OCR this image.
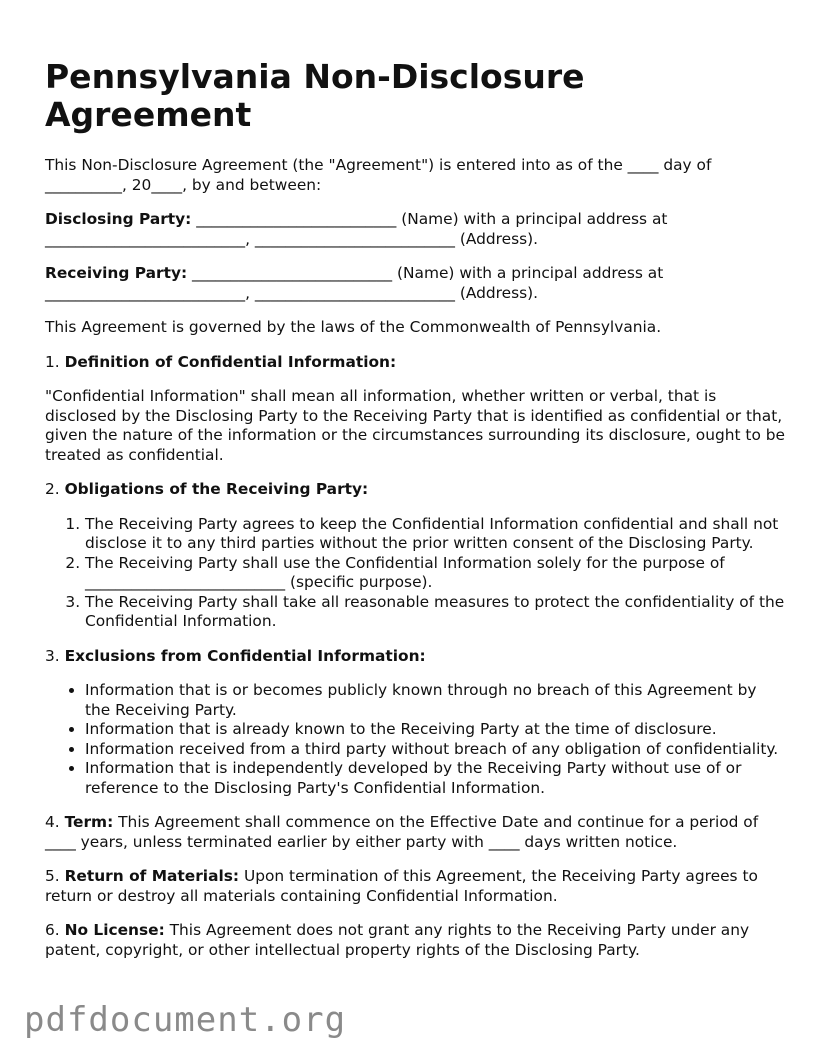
Pennsylvania Non-Disclosure Agreement

This Non-Disclosure Agreement (the "Agreement") is entered into as of the ____ day of __________, 20____, by and between:

Disclosing Party: __________________________ (Name) with a principal address at __________________________, __________________________ (Address).

Receiving Party: __________________________ (Name) with a principal address at __________________________, __________________________ (Address).

This Agreement is governed by the laws of the Commonwealth of Pennsylvania.

1. Definition of Confidential Information:

"Confidential Information" shall mean all information, whether written or verbal, that is disclosed by the Disclosing Party to the Receiving Party that is identified as confidential or that, given the nature of the information or the circumstances surrounding its disclosure, ought to be treated as confidential.

2. Obligations of the Receiving Party:

1. The Receiving Party agrees to keep the Confidential Information confidential and shall not disclose it to any third parties without the prior written consent of the Disclosing Party.
2. The Receiving Party shall use the Confidential Information solely for the purpose of __________________________ (specific purpose).
3. The Receiving Party shall take all reasonable measures to protect the confidentiality of the Confidential Information.

3. Exclusions from Confidential Information:

• Information that is or becomes publicly known through no breach of this Agreement by the Receiving Party.
• Information that is already known to the Receiving Party at the time of disclosure.
• Information received from a third party without breach of any obligation of confidentiality.
• Information that is independently developed by the Receiving Party without use of or reference to the Disclosing Party's Confidential Information.

4. Term: This Agreement shall commence on the Effective Date and continue for a period of ____ years, unless terminated earlier by either party with ____ days written notice.

5. Return of Materials: Upon termination of this Agreement, the Receiving Party agrees to return or destroy all materials containing Confidential Information.

6. No License: This Agreement does not grant any rights to the Receiving Party under any patent, copyright, or other intellectual property rights of the Disclosing Party.

pdfdocument.org
